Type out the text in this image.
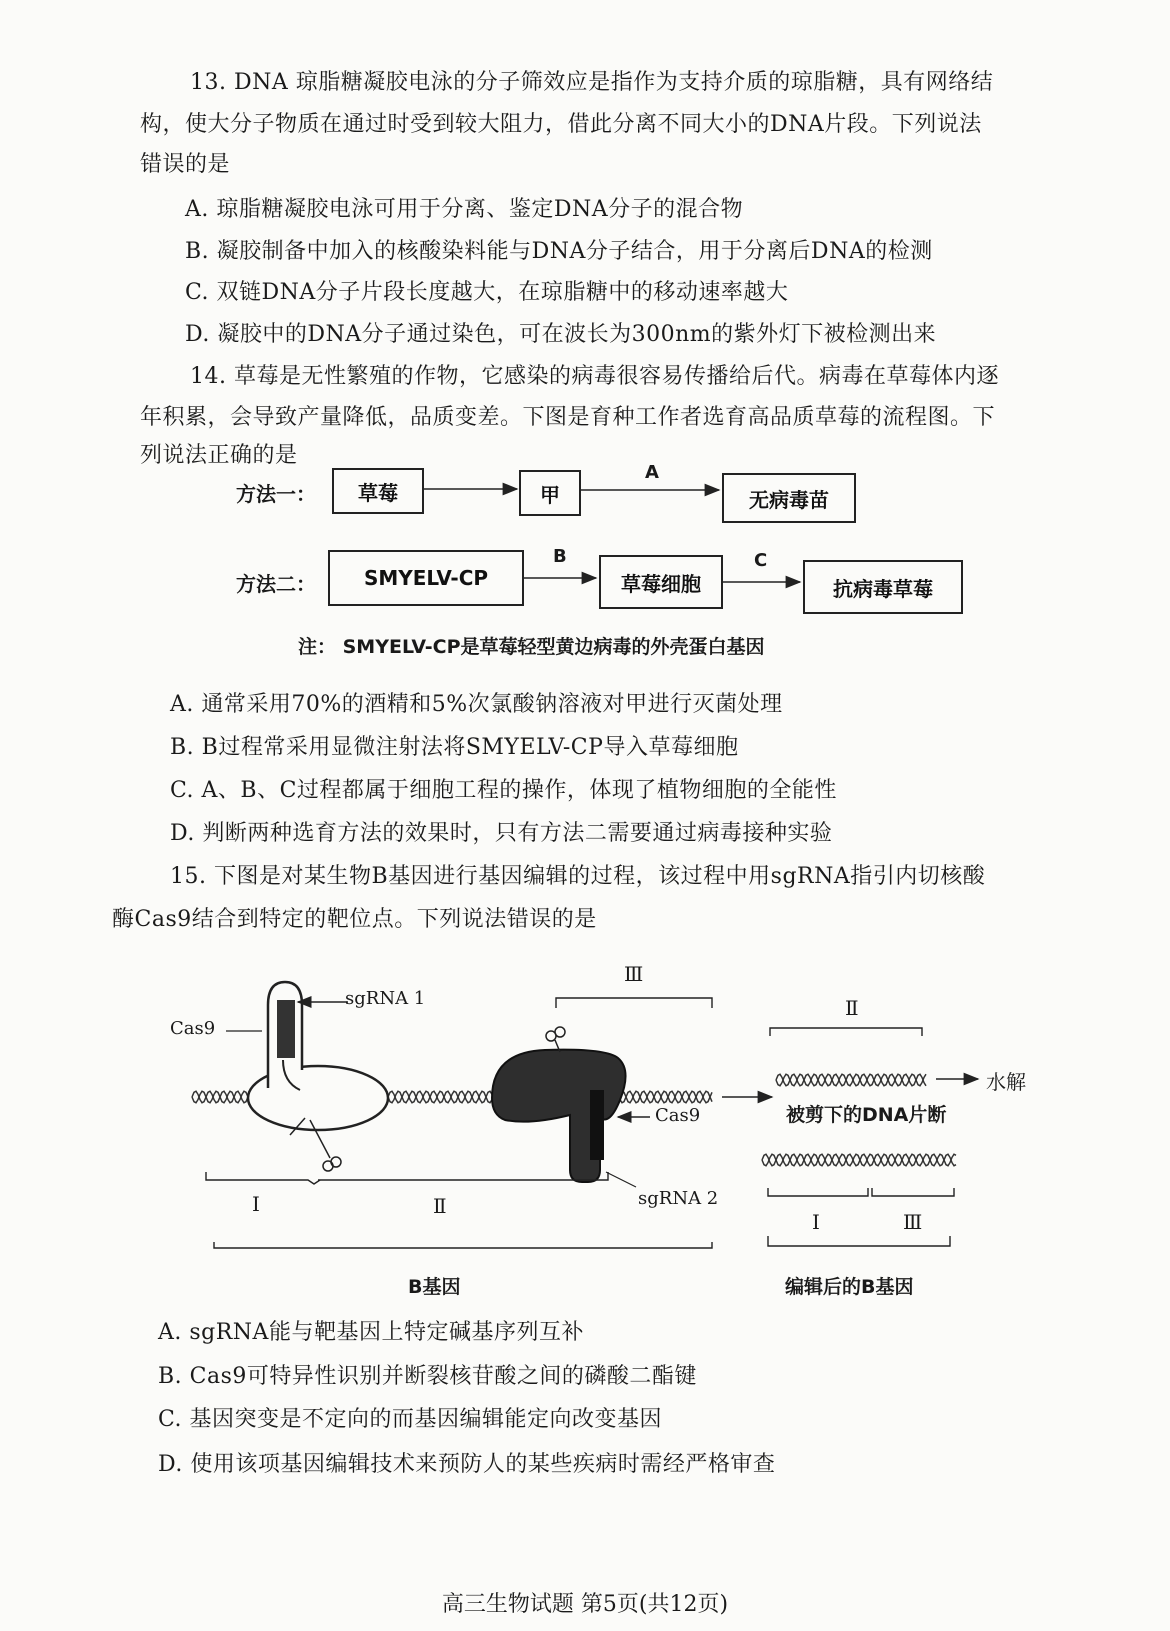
13. DNA 琼脂糖凝胶电泳的分子筛效应是指作为支持介质的琼脂糖，具有网络结
构，使大分子物质在通过时受到较大阻力，借此分离不同大小的DNA片段。下列说法
错误的是
A. 琼脂糖凝胶电泳可用于分离、鉴定DNA分子的混合物
B. 凝胶制备中加入的核酸染料能与DNA分子结合，用于分离后DNA的检测
C. 双链DNA分子片段长度越大，在琼脂糖中的移动速率越大
D. 凝胶中的DNA分子通过染色，可在波长为300nm的紫外灯下被检测出来
14. 草莓是无性繁殖的作物，它感染的病毒很容易传播给后代。病毒在草莓体内逐
年积累，会导致产量降低，品质变差。下图是育种工作者选育高品质草莓的流程图。下
列说法正确的是
方法一：	草莓	甲
A
无病毒苗
方法二：	SMYELV-CP
B
草莓细胞
C
抗病毒草莓
注： SMYELV-CP是草莓轻型黄边病毒的外壳蛋白基因
A. 通常采用70%的酒精和5%次氯酸钠溶液对甲进行灭菌处理
B. B过程常采用显微注射法将SMYELV-CP导入草莓细胞
C. A、B、C过程都属于细胞工程的操作，体现了植物细胞的全能性
D. 判断两种选育方法的效果时，只有方法二需要通过病毒接种实验
15. 下图是对某生物B基因进行基因编辑的过程，该过程中用sgRNA指引内切核酸
酶Cas9结合到特定的靶位点。下列说法错误的是
Cas9
sgRNA 1
Ⅲ
Ⅱ
Cas9
sgRNA 2
水解
被剪下的DNA片断
Ⅰ	Ⅱ
B基因
Ⅰ	Ⅲ
编辑后的B基因
A. sgRNA能与靶基因上特定碱基序列互补
B. Cas9可特异性识别并断裂核苷酸之间的磷酸二酯键
C. 基因突变是不定向的而基因编辑能定向改变基因
D. 使用该项基因编辑技术来预防人的某些疾病时需经严格审查
高三生物试题 第5页(共12页)
